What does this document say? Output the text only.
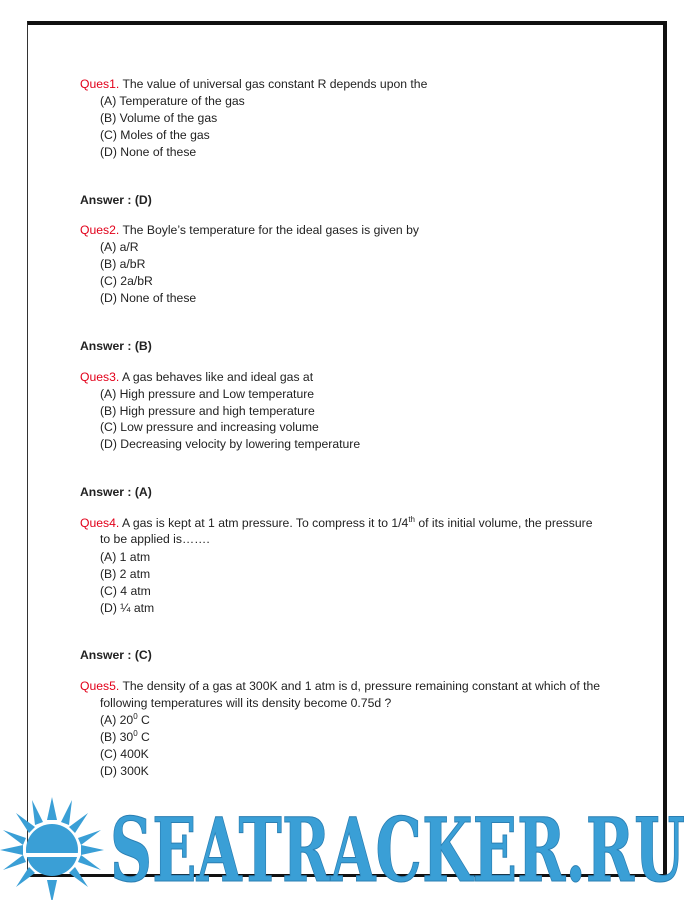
Ques1. The value of universal gas constant R depends upon the
(A) Temperature of the gas
(B) Volume of the gas
(C) Moles of the gas
(D) None of these
Answer : (D)
Ques2. The Boyle’s temperature for the ideal gases is given by
(A) a/R
(B) a/bR
(C) 2a/bR
(D) None of these
Answer : (B)
Ques3. A gas behaves like and ideal gas at
(A) High pressure and Low temperature
(B) High pressure and high temperature
(C) Low pressure and increasing volume
(D) Decreasing velocity by lowering temperature
Answer : (A)
Ques4. A gas is kept at 1 atm pressure. To compress it to 1/4th of its initial volume, the pressure
to be applied is…….
(A) 1 atm
(B) 2 atm
(C) 4 atm
(D) ¼ atm
Answer : (C)
Ques5. The density of a gas at 300K and 1 atm is d, pressure remaining constant at which of the
following temperatures will its density become 0.75d ?
(A) $20^0$ C
(B) $30^0$ C
(C) 400K
(D) 300K
SEATRACKER.RU
